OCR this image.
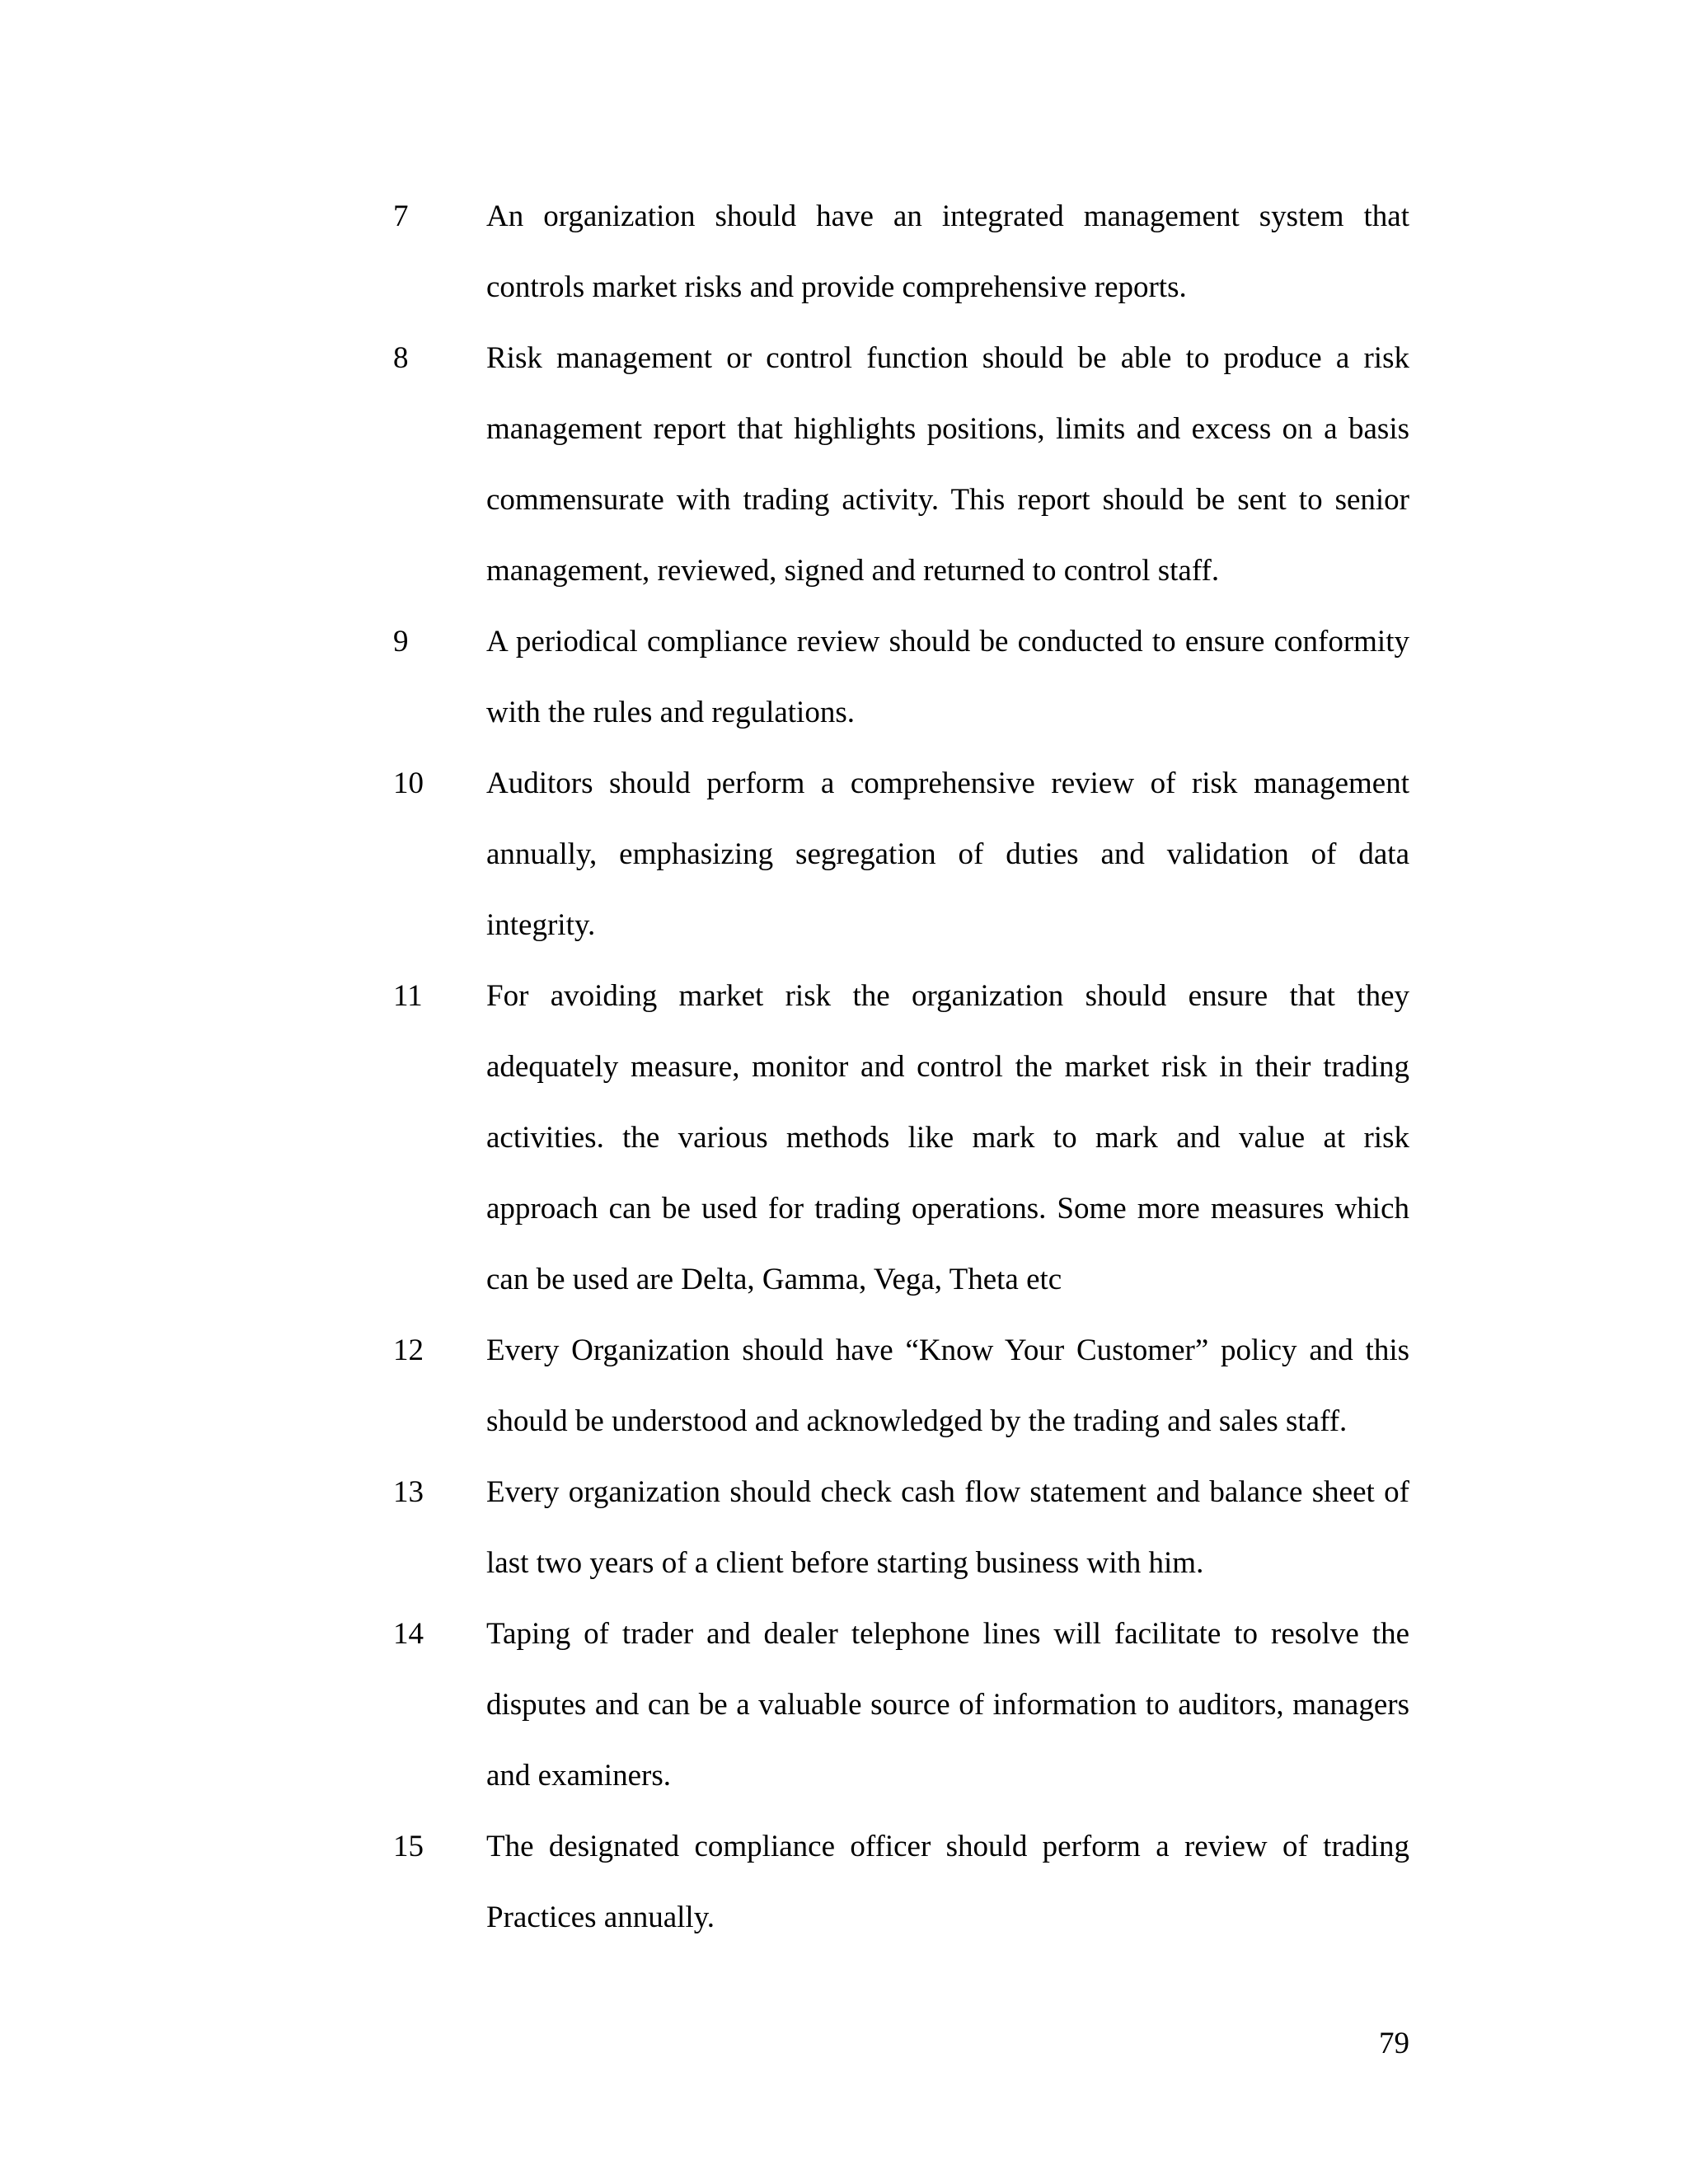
7	An organization should have an integrated management system that controls market risks and provide comprehensive reports.

8	Risk management or control function should be able to produce a risk management report that highlights positions, limits and excess on a basis commensurate with trading activity. This report should be sent to senior management, reviewed, signed and returned to control staff.

9	A periodical compliance review should be conducted to ensure conformity with the rules and regulations.

10 Auditors should perform a comprehensive review of risk management annually, emphasizing segregation of duties and validation of data integrity.

11 For avoiding market risk the organization should ensure that they adequately measure, monitor and control the market risk in their trading activities. the various methods like mark to mark and value at risk approach can be used for trading operations. Some more measures which can be used are Delta, Gamma, Vega, Theta etc

12 Every Organization should have “Know Your Customer” policy and this should be understood and acknowledged by the trading and sales staff.

13 Every organization should check cash flow statement and balance sheet of last two years of a client before starting business with him.

14 Taping of trader and dealer telephone lines will facilitate to resolve the disputes and can be a valuable source of information to auditors, managers and examiners.

15 The designated compliance officer should perform a review of trading Practices annually.

79
